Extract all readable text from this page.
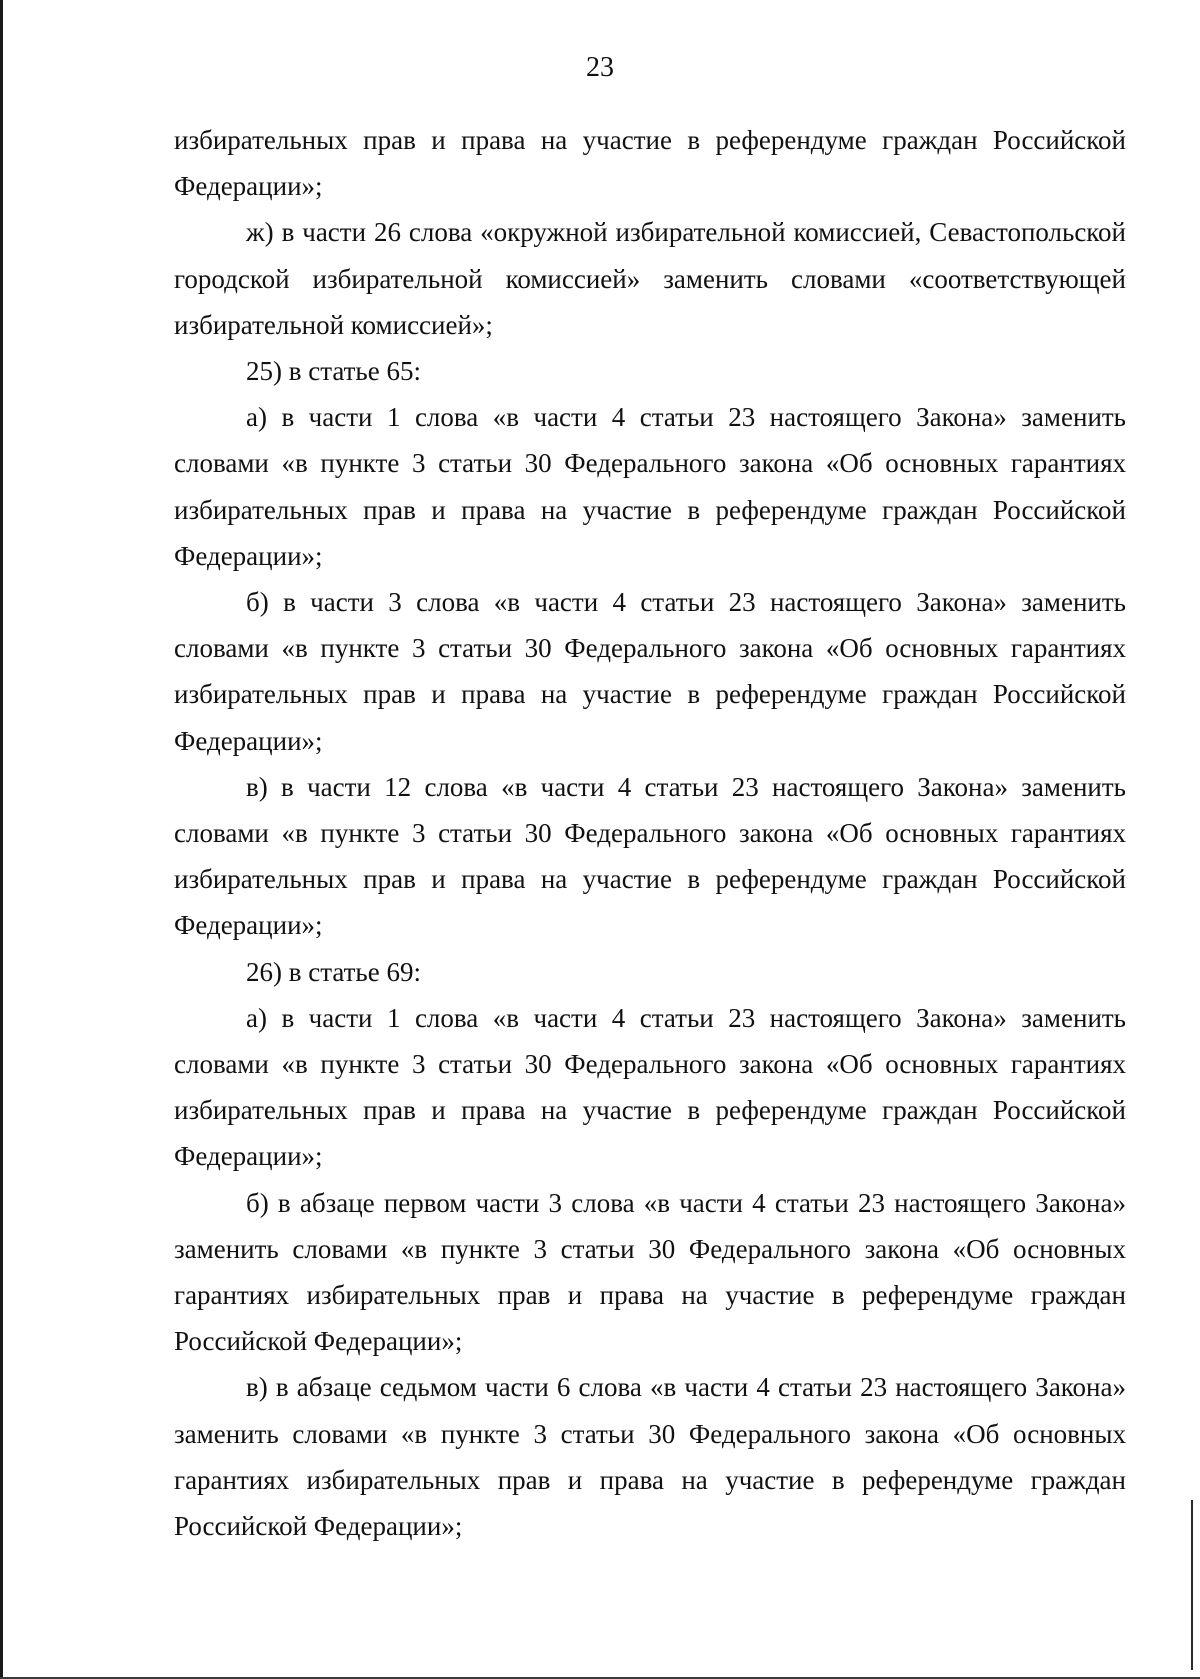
23

избирательных прав и права на участие в референдуме граждан Российской Федерации»;

ж) в части 26 слова «окружной избирательной комиссией, Севастопольской городской избирательной комиссией» заменить словами «соответствующей избирательной комиссией»;

25) в статье 65:

а) в части 1 слова «в части 4 статьи 23 настоящего Закона» заменить словами «в пункте 3 статьи 30 Федерального закона «Об основных гарантиях избирательных прав и права на участие в референдуме граждан Российской Федерации»;

б) в части 3 слова «в части 4 статьи 23 настоящего Закона» заменить словами «в пункте 3 статьи 30 Федерального закона «Об основных гарантиях избирательных прав и права на участие в референдуме граждан Российской Федерации»;

в) в части 12 слова «в части 4 статьи 23 настоящего Закона» заменить словами «в пункте 3 статьи 30 Федерального закона «Об основных гарантиях избирательных прав и права на участие в референдуме граждан Российской Федерации»;

26) в статье 69:

а) в части 1 слова «в части 4 статьи 23 настоящего Закона» заменить словами «в пункте 3 статьи 30 Федерального закона «Об основных гарантиях избирательных прав и права на участие в референдуме граждан Российской Федерации»;

б) в абзаце первом части 3 слова «в части 4 статьи 23 настоящего Закона» заменить словами «в пункте 3 статьи 30 Федерального закона «Об основных гарантиях избирательных прав и права на участие в референдуме граждан Российской Федерации»;

в) в абзаце седьмом части 6 слова «в части 4 статьи 23 настоящего Закона» заменить словами «в пункте 3 статьи 30 Федерального закона «Об основных гарантиях избирательных прав и права на участие в референдуме граждан Российской Федерации»;
